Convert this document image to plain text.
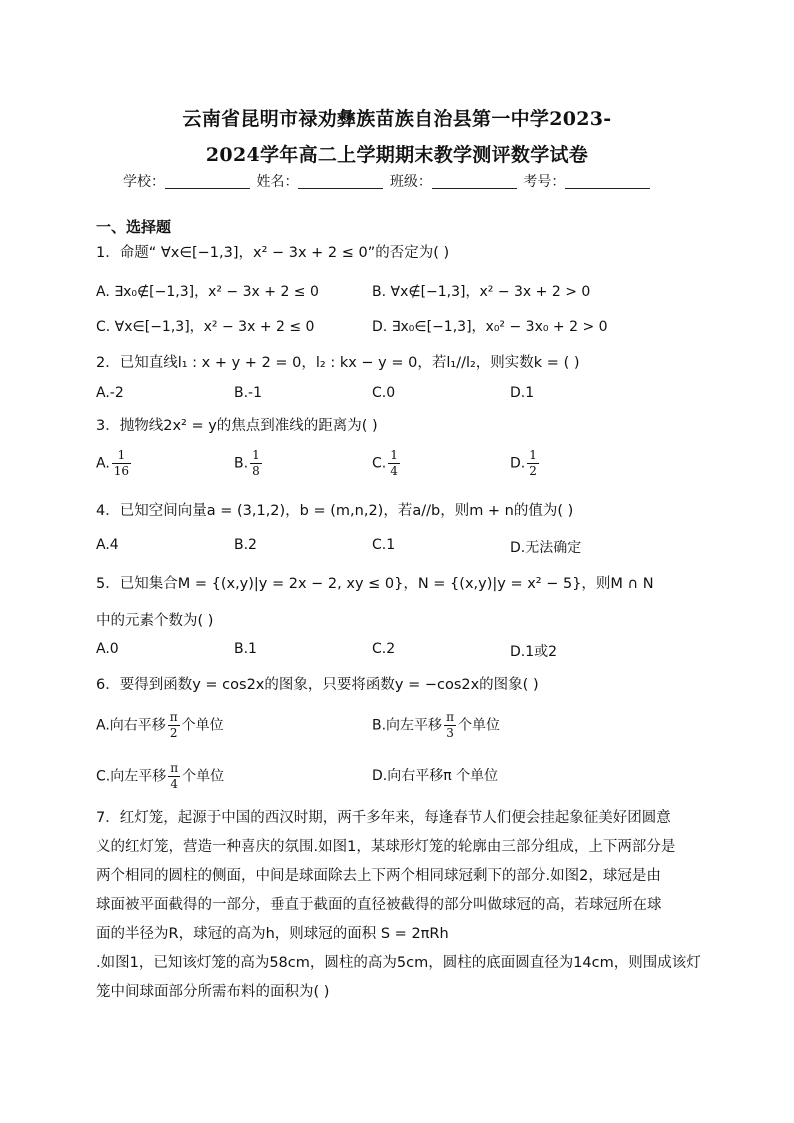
云南省昆明市禄劝彝族苗族自治县第一中学2023-
2024学年高二上学期期末教学测评数学试卷
学校：	姓名：	班级：	考号：
一、选择题
1．命题“ ∀x∈[−1,3]，x² − 3x + 2 ≤ 0”的否定为( )
A. ∃x₀∉[−1,3]，x² − 3x + 2 ≤ 0	B. ∀x∉[−1,3]，x² − 3x + 2 > 0
C. ∀x∈[−1,3]，x² − 3x + 2 ≤ 0	D. ∃x₀∈[−1,3]，x₀² − 3x₀ + 2 > 0
2．已知直线l₁ : x + y + 2 = 0，l₂ : kx − y = 0，若l₁//l₂，则实数k = ( )
A.-2	B.-1	C.0	D.1
3．抛物线2x² = y的焦点到准线的距离为( )
A. $\frac{1}{16}$	B. $\frac{1}{8}$	C. $\frac{1}{4}$	D. $\frac{1}{2}$
4．已知空间向量a = (3,1,2)，b = (m,n,2)，若a//b，则m + n的值为( )
A.4	B.2	C.1	D.无法确定
5．已知集合M = {(x,y)|y = 2x − 2, xy ≤ 0}，N = {(x,y)|y = x² − 5}，则M ∩ N
中的元素个数为( )
A.0	B.1	C.2	D.1或2
6．要得到函数y = cos2x的图象，只要将函数y = −cos2x的图象( )
A.向右平移 $\frac{\pi}{2}$ 个单位	B.向左平移 $\frac{\pi}{3}$ 个单位
C.向左平移 $\frac{\pi}{4}$ 个单位	D.向右平移π 个单位
7．红灯笼，起源于中国的西汉时期，两千多年来，每逢春节人们便会挂起象征美好团圆意
义的红灯笼，营造一种喜庆的氛围.如图1，某球形灯笼的轮廓由三部分组成，上下两部分是
两个相同的圆柱的侧面，中间是球面除去上下两个相同球冠剩下的部分.如图2，球冠是由
球面被平面截得的一部分，垂直于截面的直径被截得的部分叫做球冠的高，若球冠所在球
面的半径为R，球冠的高为h，则球冠的面积 S = 2πRh
.如图1，已知该灯笼的高为58cm，圆柱的高为5cm，圆柱的底面圆直径为14cm，则围成该灯
笼中间球面部分所需布料的面积为( )
